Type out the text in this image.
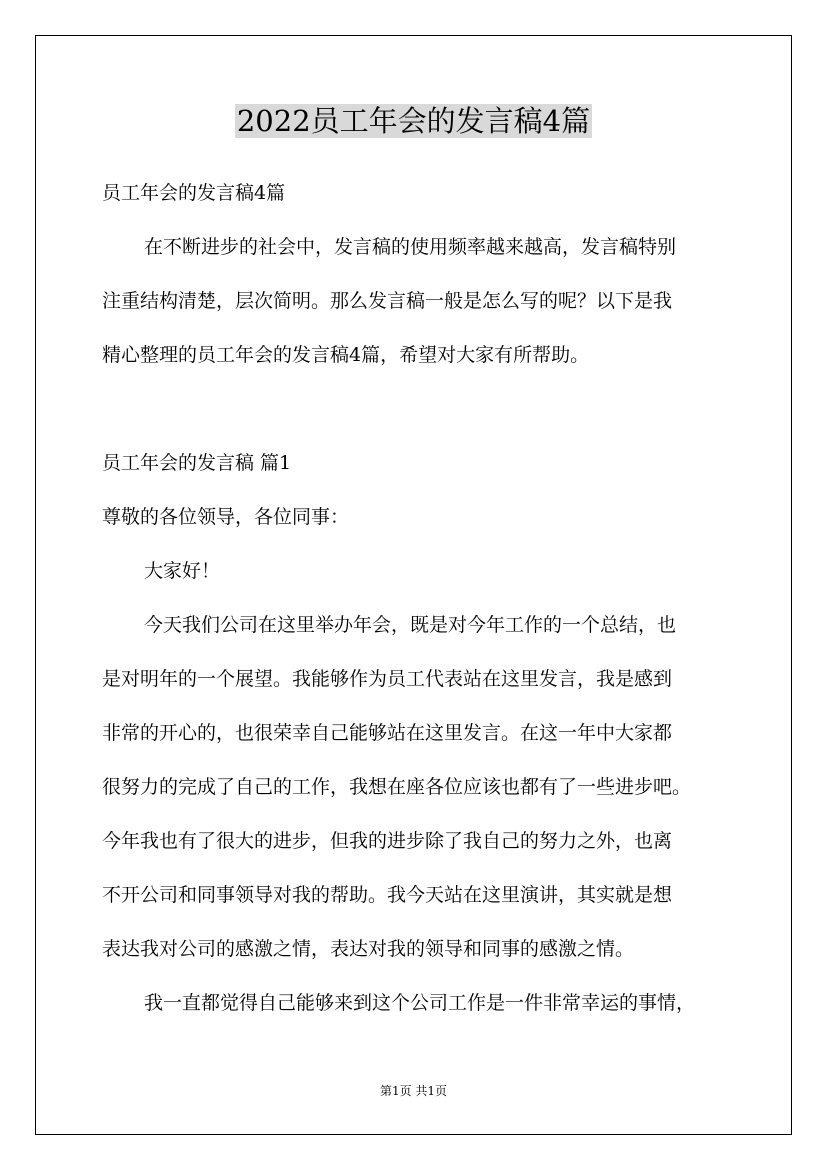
2022员工年会的发言稿4篇
员工年会的发言稿4篇
在不断进步的社会中，发言稿的使用频率越来越高，发言稿特别
注重结构清楚，层次简明。那么发言稿一般是怎么写的呢？以下是我
精心整理的员工年会的发言稿4篇，希望对大家有所帮助。
员工年会的发言稿 篇1
尊敬的各位领导，各位同事：
大家好！
今天我们公司在这里举办年会，既是对今年工作的一个总结，也
是对明年的一个展望。我能够作为员工代表站在这里发言，我是感到
非常的开心的，也很荣幸自己能够站在这里发言。在这一年中大家都
很努力的完成了自己的工作，我想在座各位应该也都有了一些进步吧。
今年我也有了很大的进步，但我的进步除了我自己的努力之外，也离
不开公司和同事领导对我的帮助。我今天站在这里演讲，其实就是想
表达我对公司的感激之情，表达对我的领导和同事的感激之情。
我一直都觉得自己能够来到这个公司工作是一件非常幸运的事情，
第1页 共1页
